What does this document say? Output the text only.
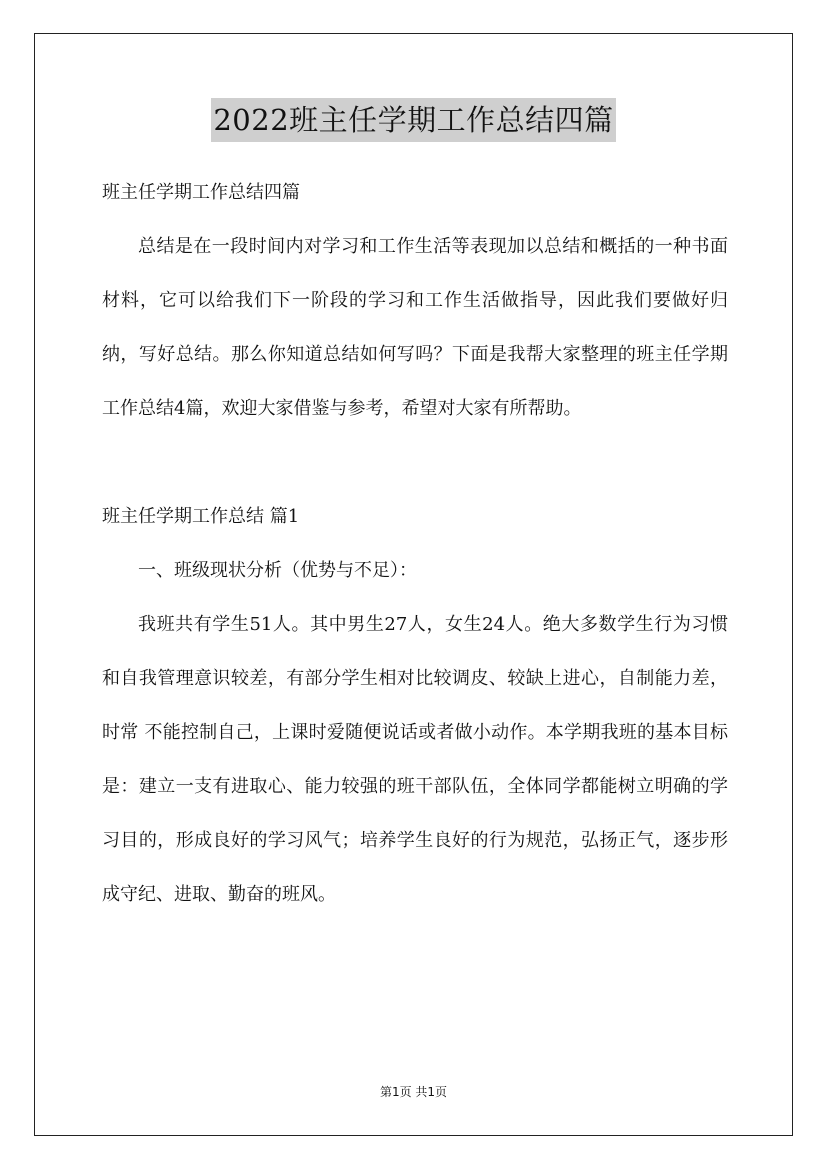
2022班主任学期工作总结四篇

班主任学期工作总结四篇

总结是在一段时间内对学习和工作生活等表现加以总结和概括的一种书面材料，它可以给我们下一阶段的学习和工作生活做指导，因此我们要做好归纳，写好总结。那么你知道总结如何写吗？下面是我帮大家整理的班主任学期工作总结4篇，欢迎大家借鉴与参考，希望对大家有所帮助。

班主任学期工作总结 篇1

一、班级现状分析（优势与不足）：

我班共有学生51人。其中男生27人，女生24人。绝大多数学生行为习惯和自我管理意识较差，有部分学生相对比较调皮、较缺上进心，自制能力差，时常 不能控制自己，上课时爱随便说话或者做小动作。本学期我班的基本目标是：建立一支有进取心、能力较强的班干部队伍，全体同学都能树立明确的学习目的，形成良好的学习风气；培养学生良好的行为规范，弘扬正气，逐步形成守纪、进取、勤奋的班风。

第1页 共1页
